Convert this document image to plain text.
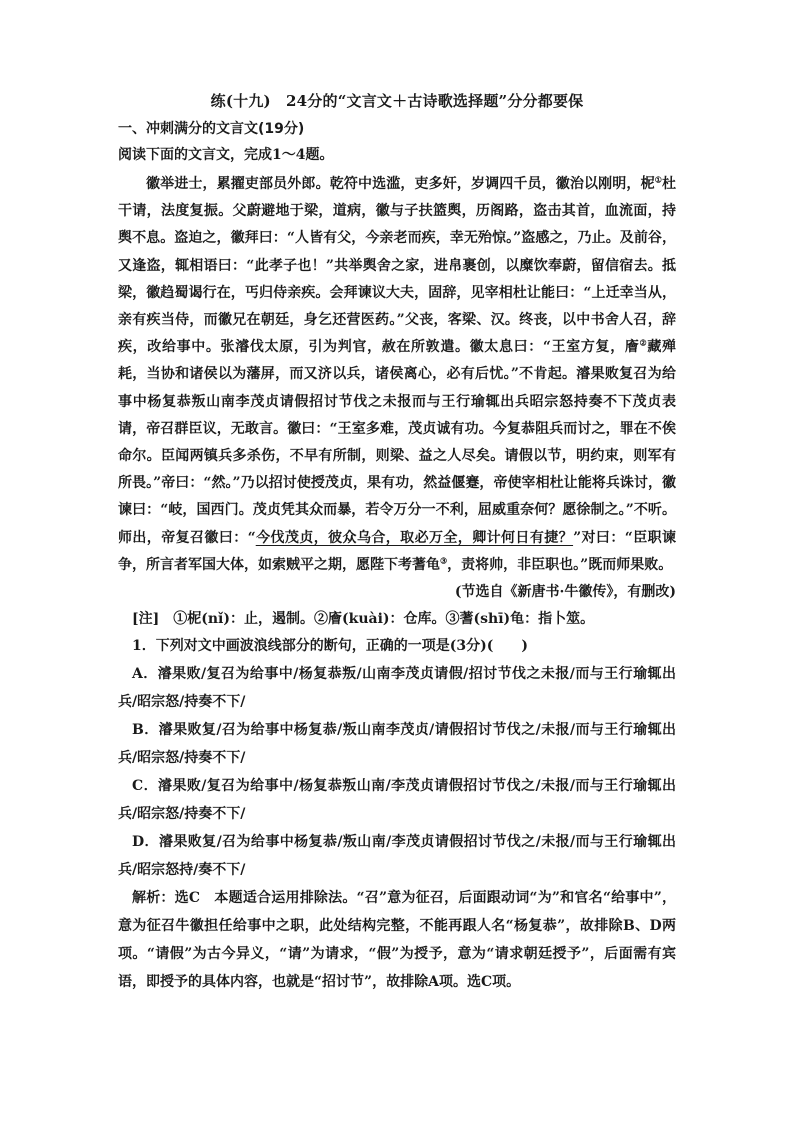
练(十九)　24分的“文言文＋古诗歌选择题”分分都要保

一、冲刺满分的文言文(19分)

阅读下面的文言文，完成1～4题。

徽举进士，累擢吏部员外郎。乾符中选滥，吏多奸，岁调四千员，徽治以刚明，柅①杜干请，法度复振。父蔚避地于梁，道病，徽与子扶篮舆，历阁路，盗击其首，血流面，持舆不息。盗迫之，徽拜曰：“人皆有父，今亲老而疾，幸无殆惊。”盗感之，乃止。及前谷，又逢盗，辄相语曰：“此孝子也！”共举舆舍之家，进帛裹创，以糜饮奉蔚，留信宿去。抵梁，徽趋蜀谒行在，丐归侍亲疾。会拜谏议大夫，固辞，见宰相杜让能曰：“上迁幸当从，亲有疾当侍，而徽兄在朝廷，身乞还营医药。”父丧，客梁、汉。终丧，以中书舍人召，辞疾，改给事中。张濬伐太原，引为判官，赦在所敦遣。徽太息曰：“王室方复，廥②藏殚耗，当协和诸侯以为藩屏，而又济以兵，诸侯离心，必有后忧。”不肯起。濬果败复召为给事中杨复恭叛山南李茂贞请假招讨节伐之未报而与王行瑜辄出兵昭宗怒持奏不下茂贞表请，帝召群臣议，无敢言。徽曰：“王室多难，茂贞诚有功。今复恭阻兵而讨之，罪在不俟命尔。臣闻两镇兵多杀伤，不早有所制，则梁、益之人尽矣。请假以节，明约束，则军有所畏。”帝曰：“然。”乃以招讨使授茂贞，果有功，然益偃蹇，帝使宰相杜让能将兵诛讨，徽谏曰：“岐，国西门。茂贞凭其众而暴，若令万分一不利，屈威重奈何？愿徐制之。”不听。师出，帝复召徽曰：“今伐茂贞，彼众乌合，取必万全，卿计何日有捷？”对曰：“臣职谏争，所言者军国大体，如索贼平之期，愿陛下考蓍龟③，责将帅，非臣职也。”既而师果败。

(节选自《新唐书·牛徽传》，有删改)

[注]　①柅(nǐ)：止，遏制。②廥(kuài)：仓库。③蓍(shī)龟：指卜筮。

1．下列对文中画波浪线部分的断句，正确的一项是(3分)(　　)

A．濬果败/复召为给事中/杨复恭叛/山南李茂贞请假/招讨节伐之未报/而与王行瑜辄出兵/昭宗怒/持奏不下/

B．濬果败复/召为给事中杨复恭/叛山南李茂贞/请假招讨节伐之/未报/而与王行瑜辄出兵/昭宗怒/持奏不下/

C．濬果败/复召为给事中/杨复恭叛山南/李茂贞请假招讨节伐之/未报/而与王行瑜辄出兵/昭宗怒/持奏不下/

D．濬果败复/召为给事中杨复恭/叛山南/李茂贞请假招讨节伐之/未报/而与王行瑜辄出兵/昭宗怒持/奏不下/

解析：选C　本题适合运用排除法。“召”意为征召，后面跟动词“为”和官名“给事中”，意为征召牛徽担任给事中之职，此处结构完整，不能再跟人名“杨复恭”，故排除B、D两项。“请假”为古今异义，“请”为请求，“假”为授予，意为“请求朝廷授予”，后面需有宾语，即授予的具体内容，也就是“招讨节”，故排除A项。选C项。
